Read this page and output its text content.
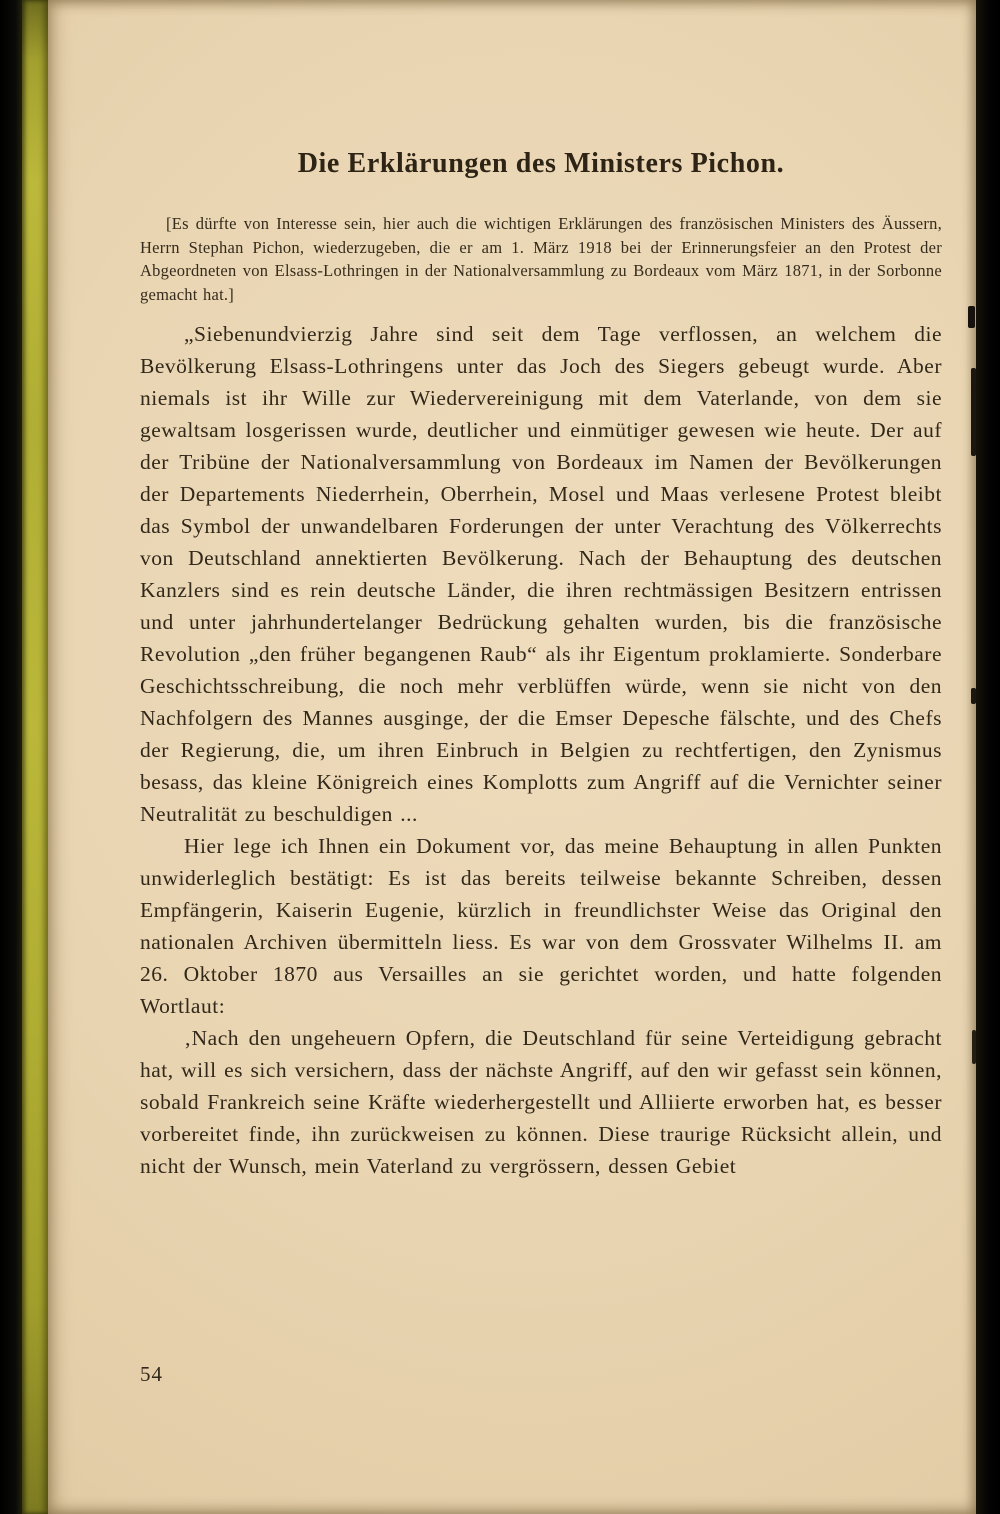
Die Erklärungen des Ministers Pichon.

[Es dürfte von Interesse sein, hier auch die wichtigen Erklärungen des französischen Ministers des Äussern, Herrn Stephan Pichon, wiederzugeben, die er am 1. März 1918 bei der Erinnerungsfeier an den Protest der Abgeordneten von Elsass-Lothringen in der Nationalversammlung zu Bordeaux vom März 1871, in der Sorbonne gemacht hat.]

„Siebenundvierzig Jahre sind seit dem Tage verflossen, an welchem die Bevölkerung Elsass-Lothringens unter das Joch des Siegers gebeugt wurde. Aber niemals ist ihr Wille zur Wiedervereinigung mit dem Vaterlande, von dem sie gewaltsam losgerissen wurde, deutlicher und einmütiger gewesen wie heute. Der auf der Tribüne der Nationalversammlung von Bordeaux im Namen der Bevölkerungen der Departements Niederrhein, Oberrhein, Mosel und Maas verlesene Protest bleibt das Symbol der unwandelbaren Forderungen der unter Verachtung des Völkerrechts von Deutschland annektierten Bevölkerung. Nach der Behauptung des deutschen Kanzlers sind es rein deutsche Länder, die ihren rechtmässigen Besitzern entrissen und unter jahrhundertelanger Bedrückung gehalten wurden, bis die französische Revolution „den früher begangenen Raub“ als ihr Eigentum proklamierte. Sonderbare Geschichtsschreibung, die noch mehr verblüffen würde, wenn sie nicht von den Nachfolgern des Mannes ausginge, der die Emser Depesche fälschte, und des Chefs der Regierung, die, um ihren Einbruch in Belgien zu rechtfertigen, den Zynismus besass, das kleine Königreich eines Komplotts zum Angriff auf die Vernichter seiner Neutralität zu beschuldigen ...

Hier lege ich Ihnen ein Dokument vor, das meine Behauptung in allen Punkten unwiderleglich bestätigt: Es ist das bereits teilweise bekannte Schreiben, dessen Empfängerin, Kaiserin Eugenie, kürzlich in freundlichster Weise das Original den nationalen Archiven übermitteln liess. Es war von dem Grossvater Wilhelms II. am 26. Oktober 1870 aus Versailles an sie gerichtet worden, und hatte folgenden Wortlaut:

‚Nach den ungeheuern Opfern, die Deutschland für seine Verteidigung gebracht hat, will es sich versichern, dass der nächste Angriff, auf den wir gefasst sein können, sobald Frankreich seine Kräfte wiederhergestellt und Alliierte erworben hat, es besser vorbereitet finde, ihn zurückweisen zu können. Diese traurige Rücksicht allein, und nicht der Wunsch, mein Vaterland zu vergrössern, dessen Gebiet

54
